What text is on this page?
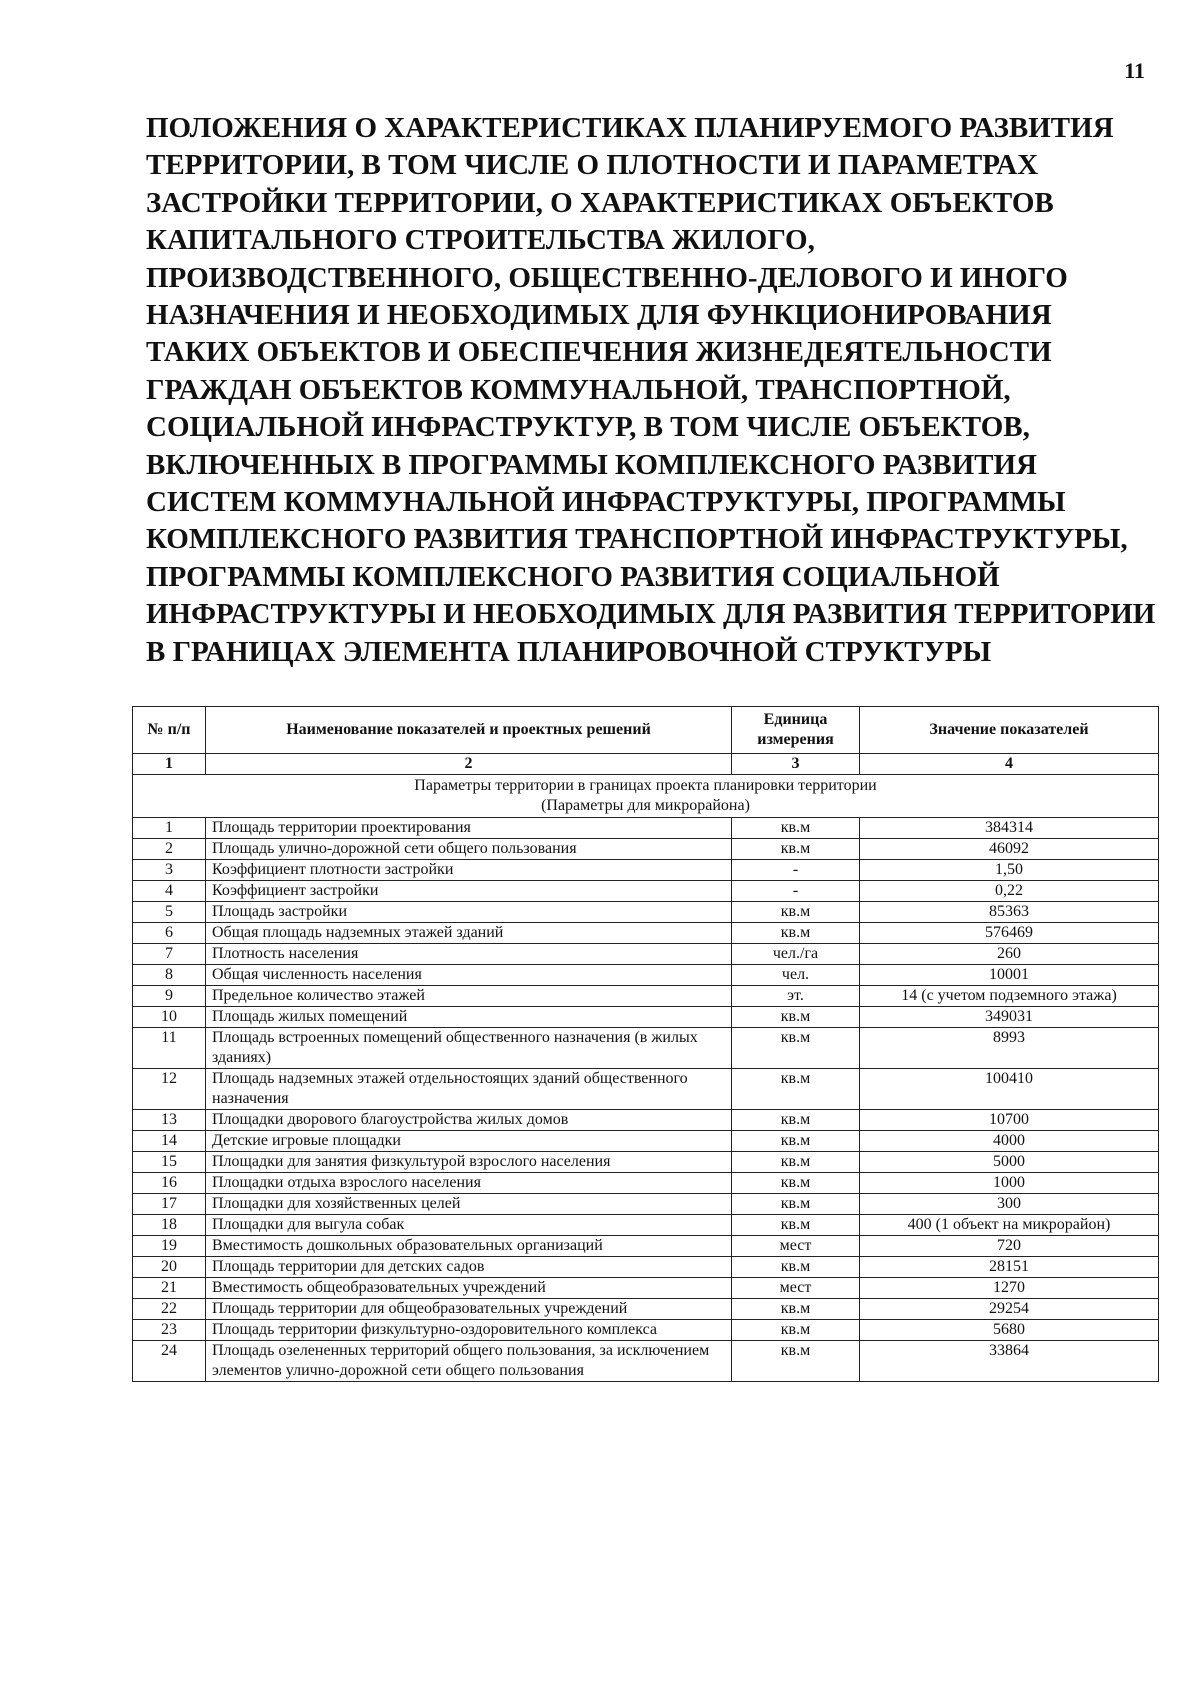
11
ПОЛОЖЕНИЯ О ХАРАКТЕРИСТИКАХ ПЛАНИРУЕМОГО РАЗВИТИЯ
ТЕРРИТОРИИ, В ТОМ ЧИСЛЕ О ПЛОТНОСТИ И ПАРАМЕТРАХ
ЗАСТРОЙКИ ТЕРРИТОРИИ, О ХАРАКТЕРИСТИКАХ ОБЪЕКТОВ
КАПИТАЛЬНОГО СТРОИТЕЛЬСТВА ЖИЛОГО,
ПРОИЗВОДСТВЕННОГО, ОБЩЕСТВЕННО-ДЕЛОВОГО И ИНОГО
НАЗНАЧЕНИЯ И НЕОБХОДИМЫХ ДЛЯ ФУНКЦИОНИРОВАНИЯ
ТАКИХ ОБЪЕКТОВ И ОБЕСПЕЧЕНИЯ ЖИЗНЕДЕЯТЕЛЬНОСТИ
ГРАЖДАН ОБЪЕКТОВ КОММУНАЛЬНОЙ, ТРАНСПОРТНОЙ,
СОЦИАЛЬНОЙ ИНФРАСТРУКТУР, В ТОМ ЧИСЛЕ ОБЪЕКТОВ,
ВКЛЮЧЕННЫХ В ПРОГРАММЫ КОМПЛЕКСНОГО РАЗВИТИЯ
СИСТЕМ КОММУНАЛЬНОЙ ИНФРАСТРУКТУРЫ, ПРОГРАММЫ
КОМПЛЕКСНОГО РАЗВИТИЯ ТРАНСПОРТНОЙ ИНФРАСТРУКТУРЫ,
ПРОГРАММЫ КОМПЛЕКСНОГО РАЗВИТИЯ СОЦИАЛЬНОЙ
ИНФРАСТРУКТУРЫ И НЕОБХОДИМЫХ ДЛЯ РАЗВИТИЯ ТЕРРИТОРИИ
В ГРАНИЦАХ ЭЛЕМЕНТА ПЛАНИРОВОЧНОЙ СТРУКТУРЫ
№ п/п	Наименование показателей и проектных решений	Единица измерения	Значение показателей
1	2	3	4

Параметры территории в границах проекта планировки территории
(Параметры для микрорайона)			

1	Площадь территории проектирования	кв.м	384314
2	Площадь улично-дорожной сети общего пользования	кв.м	46092
3	Коэффициент плотности застройки	-	1,50
4	Коэффициент застройки	-	0,22
5	Площадь застройки	кв.м	85363
6	Общая площадь надземных этажей зданий	кв.м	576469
7	Плотность населения	чел./га	260
8	Общая численность населения	чел.	10001
9	Предельное количество этажей	эт.	14 (с учетом подземного этажа)
10	Площадь жилых помещений	кв.м	349031
11	Площадь встроенных помещений общественного назначения (в жилых зданиях)	кв.м	8993
12	Площадь надземных этажей отдельностоящих зданий общественного назначения	кв.м	100410
13	Площадки дворового благоустройства жилых домов	кв.м	10700
14	Детские игровые площадки	кв.м	4000
15	Площадки для занятия физкультурой взрослого населения	кв.м	5000
16	Площадки отдыха взрослого населения	кв.м	1000
17	Площадки для хозяйственных целей	кв.м	300
18	Площадки для выгула собак	кв.м	400 (1 объект на микрорайон)
19	Вместимость дошкольных образовательных организаций	мест	720
20	Площадь территории для детских садов	кв.м	28151
21	Вместимость общеобразовательных учреждений	мест	1270
22	Площадь территории для общеобразовательных учреждений	кв.м	29254
23	Площадь территории физкультурно-оздоровительного комплекса	кв.м	5680
24	Площадь озелененных территорий общего пользования, за исключением элементов улично-дорожной сети общего пользования	кв.м	33864
